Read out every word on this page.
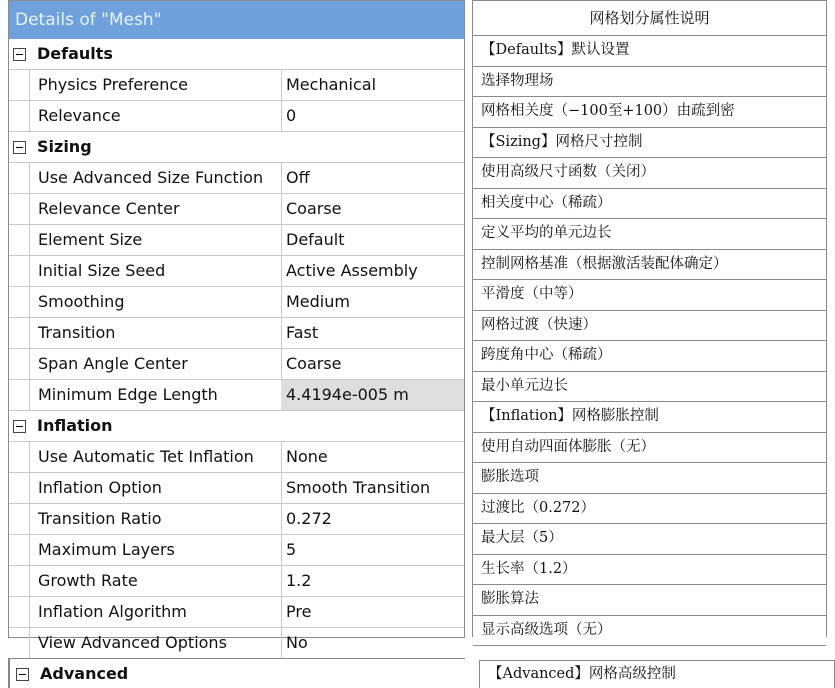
Details of "Mesh"
Defaults
Physics Preference	Mechanical
Relevance	0
Sizing
Use Advanced Size Function	Off
Relevance Center	Coarse
Element Size	Default
Initial Size Seed	Active Assembly
Smoothing	Medium
Transition	Fast
Span Angle Center	Coarse
Minimum Edge Length	4.4194e-005 m
Inflation
Use Automatic Tet Inflation	None
Inflation Option	Smooth Transition
Transition Ratio	0.272
Maximum Layers	5
Growth Rate	1.2
Inflation Algorithm	Pre
View Advanced Options	No
网格划分属性说明
【Defaults】默认设置
选择物理场
网格相关度（−100至+100）由疏到密
【Sizing】网格尺寸控制
使用高级尺寸函数（关闭）
相关度中心（稀疏）
定义平均的单元边长
控制网格基准（根据激活装配体确定）
平滑度（中等）
网格过渡（快速）
跨度角中心（稀疏）
最小单元边长
【Inflation】网格膨胀控制
使用自动四面体膨胀（无）
膨胀选项
过渡比（0.272）
最大层（5）
生长率（1.2）
膨胀算法
显示高级选项（无）
Advanced	【Advanced】网格高级控制
